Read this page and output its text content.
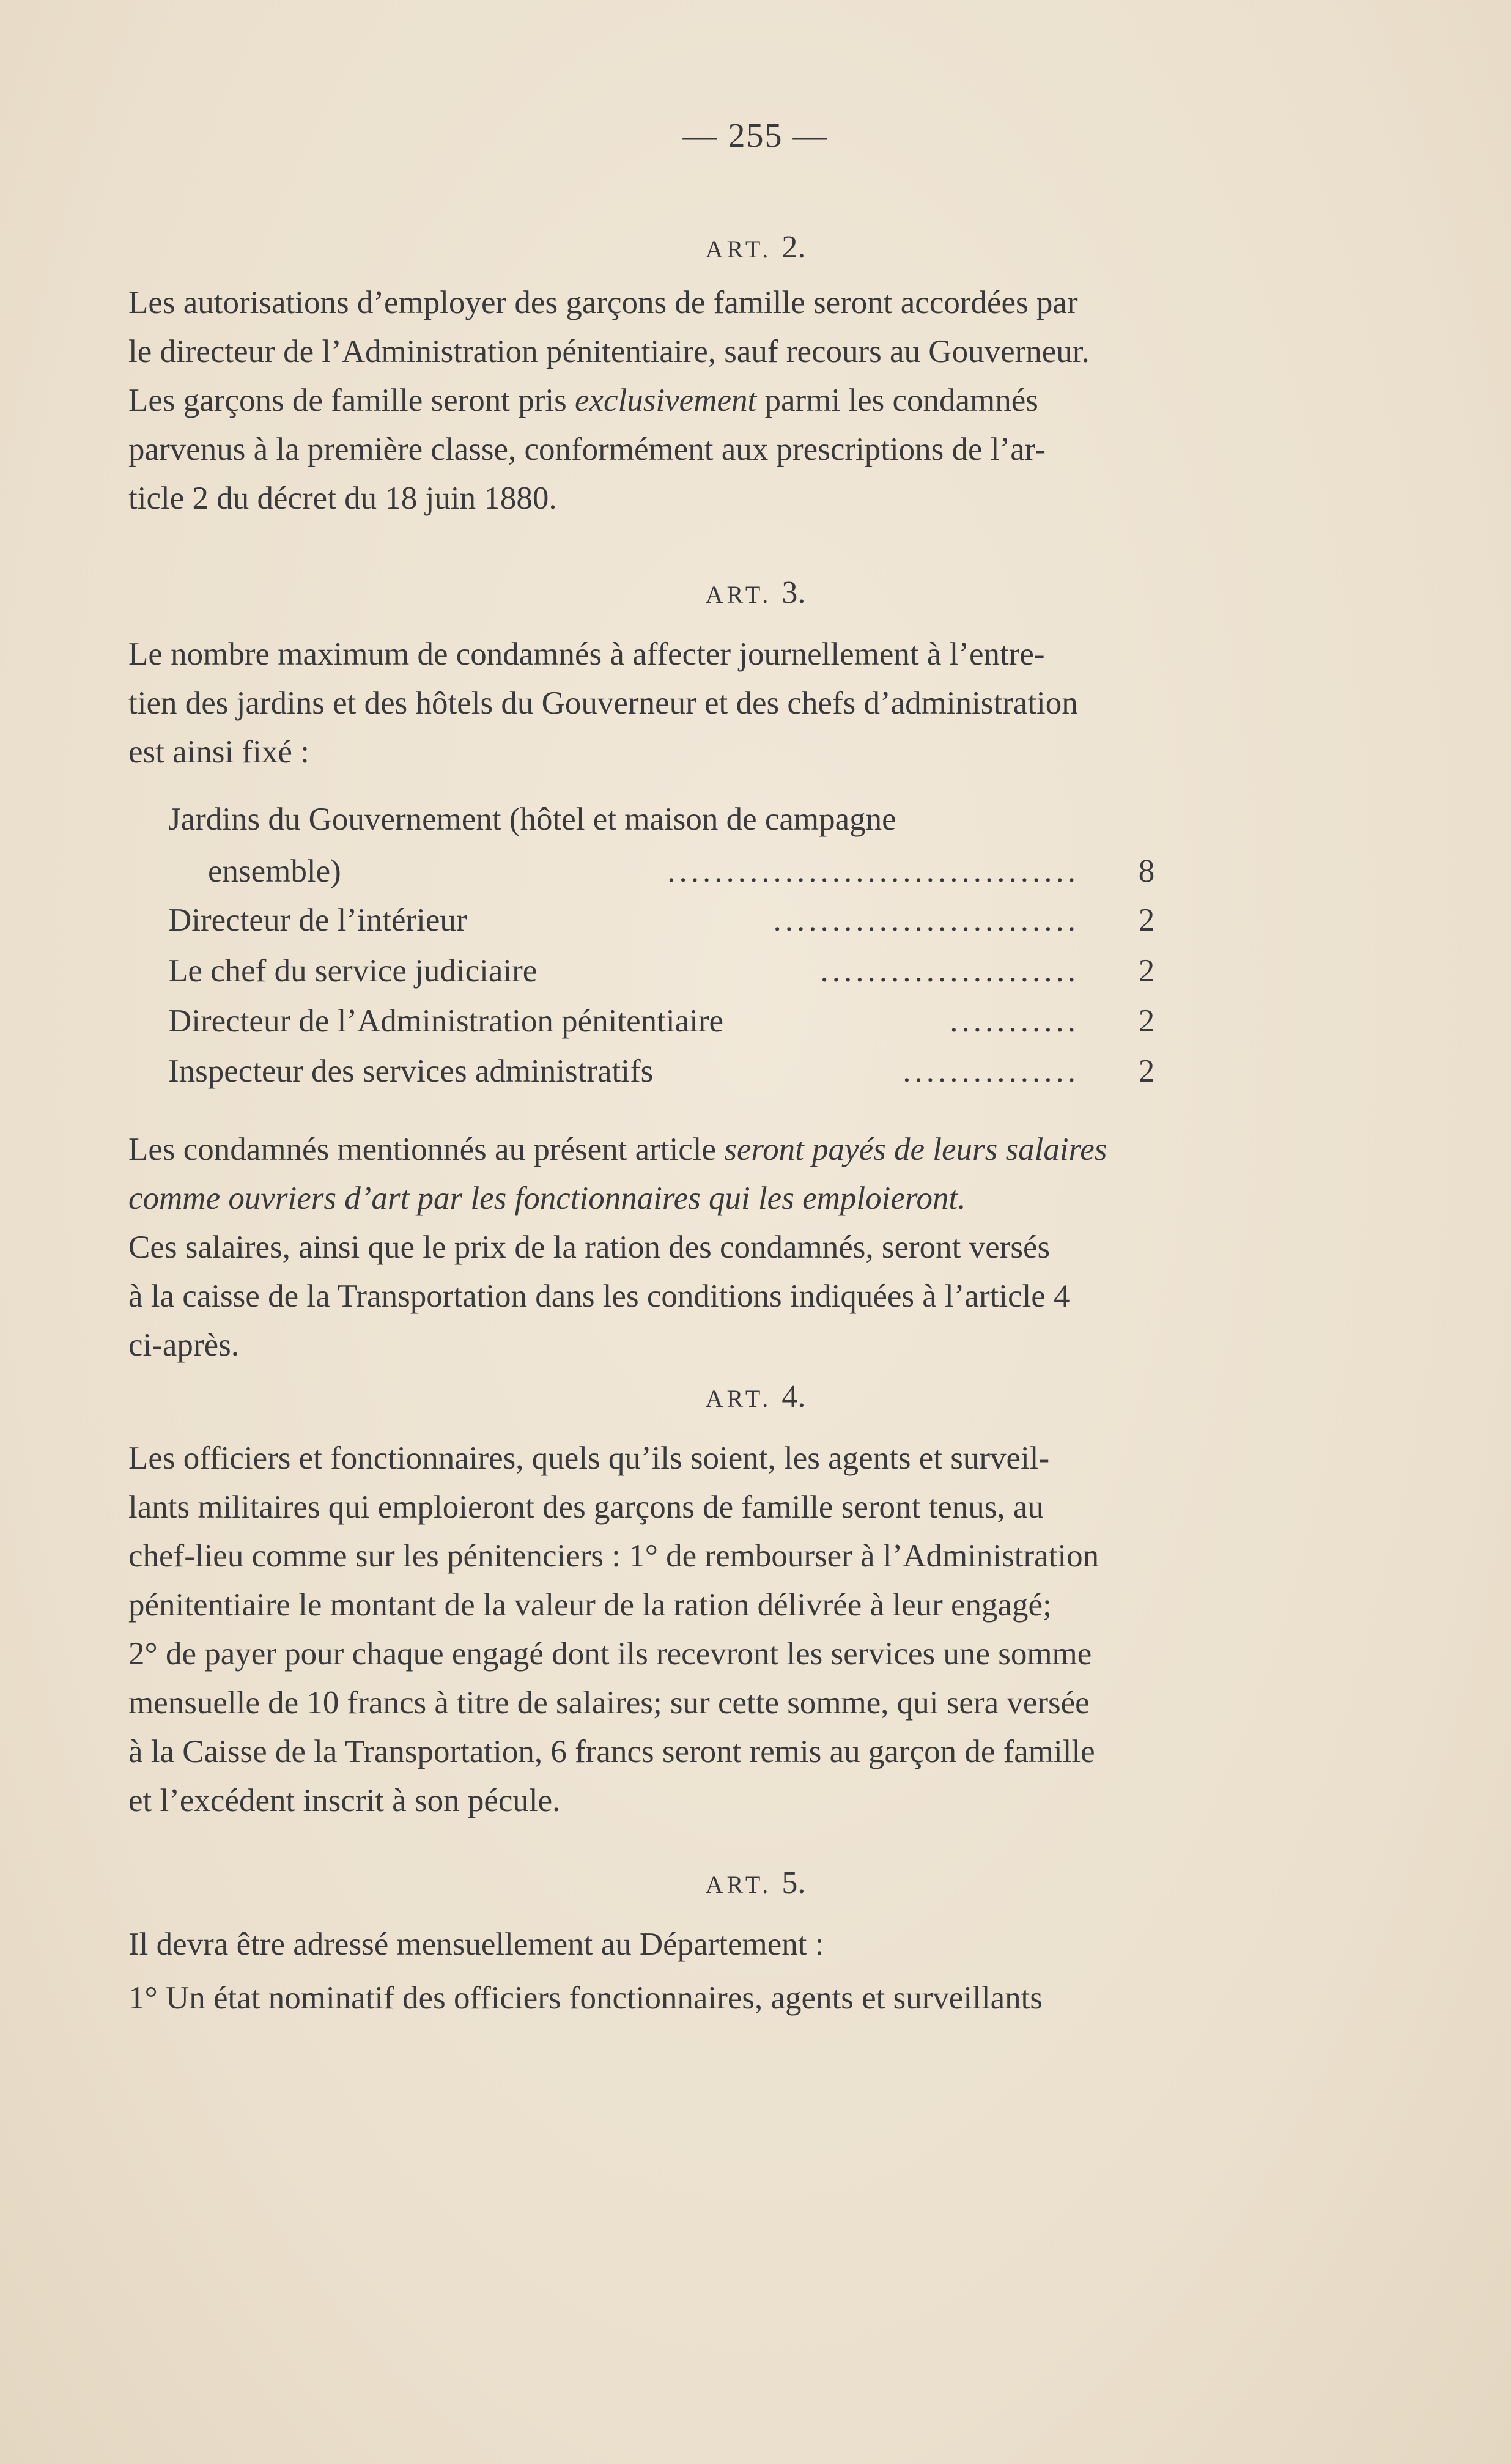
— 255 —
ART. 2.
Les autorisations d’employer des garçons de famille seront accordées par
le directeur de l’Administration pénitentiaire, sauf recours au Gouverneur.
Les garçons de famille seront pris exclusivement parmi les condamnés
parvenus à la première classe, conformément aux prescriptions de l’ar-
ticle 2 du décret du 18 juin 1880.
ART. 3.
Le nombre maximum de condamnés à affecter journellement à l’entre-
tien des jardins et des hôtels du Gouverneur et des chefs d’administration
est ainsi fixé :
Jardins du Gouvernement (hôtel et maison de campagne
ensemble)	...................................	8
Directeur de l’intérieur	..........................	2
Le chef du service judiciaire	......................	2
Directeur de l’Administration pénitentiaire	...........	2
Inspecteur des services administratifs	...............	2
Les condamnés mentionnés au présent article seront payés de leurs salaires
comme ouvriers d’art par les fonctionnaires qui les emploieront.
Ces salaires, ainsi que le prix de la ration des condamnés, seront versés
à la caisse de la Transportation dans les conditions indiquées à l’article 4
ci-après.
ART. 4.
Les officiers et fonctionnaires, quels qu’ils soient, les agents et surveil-
lants militaires qui emploieront des garçons de famille seront tenus, au
chef-lieu comme sur les pénitenciers : 1° de rembourser à l’Administration
pénitentiaire le montant de la valeur de la ration délivrée à leur engagé;
2° de payer pour chaque engagé dont ils recevront les services une somme
mensuelle de 10 francs à titre de salaires; sur cette somme, qui sera versée
à la Caisse de la Transportation, 6 francs seront remis au garçon de famille
et l’excédent inscrit à son pécule.
ART. 5.
Il devra être adressé mensuellement au Département :
1° Un état nominatif des officiers fonctionnaires, agents et surveillants
